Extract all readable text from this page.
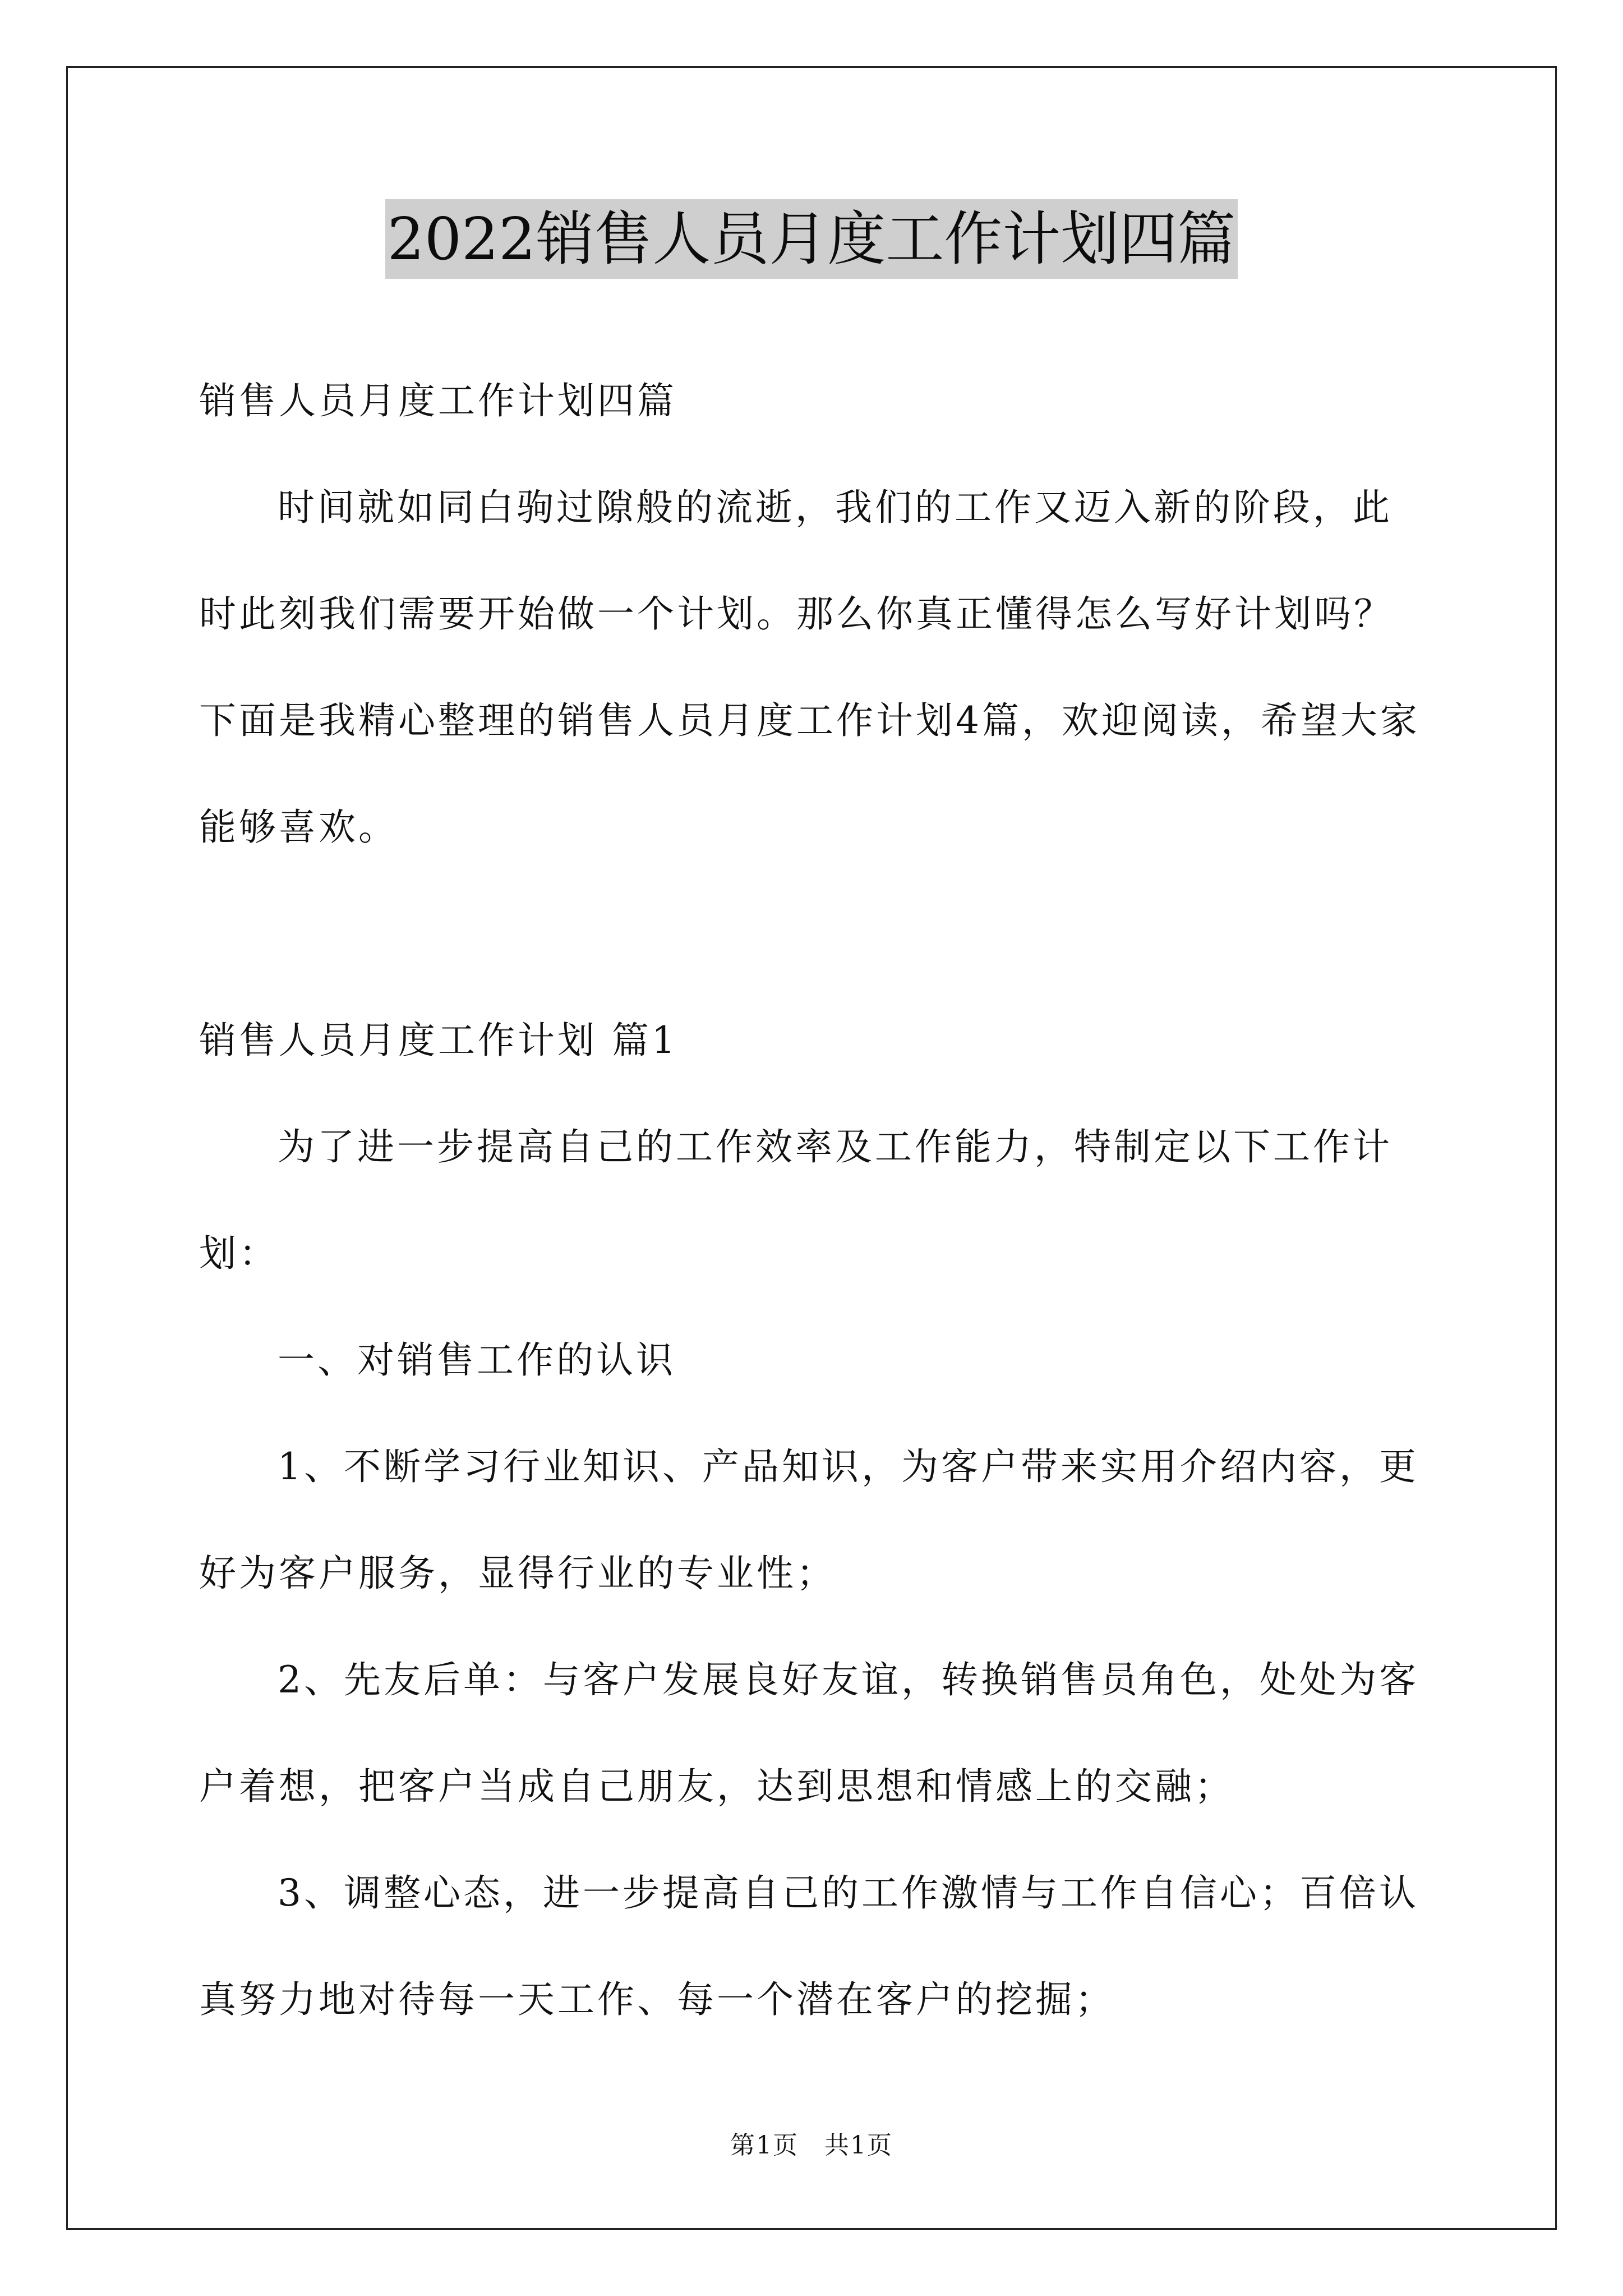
2022销售人员月度工作计划四篇

销售人员月度工作计划四篇

时间就如同白驹过隙般的流逝，我们的工作又迈入新的阶段，此时此刻我们需要开始做一个计划。那么你真正懂得怎么写好计划吗？下面是我精心整理的销售人员月度工作计划4篇，欢迎阅读，希望大家能够喜欢。

销售人员月度工作计划 篇1

为了进一步提高自己的工作效率及工作能力，特制定以下工作计划：

一、对销售工作的认识

1、不断学习行业知识、产品知识，为客户带来实用介绍内容，更好为客户服务，显得行业的专业性；

2、先友后单：与客户发展良好友谊，转换销售员角色，处处为客户着想，把客户当成自己朋友，达到思想和情感上的交融；

3、调整心态，进一步提高自己的工作激情与工作自信心；百倍认真努力地对待每一天工作、每一个潜在客户的挖掘；

第1页　共1页
